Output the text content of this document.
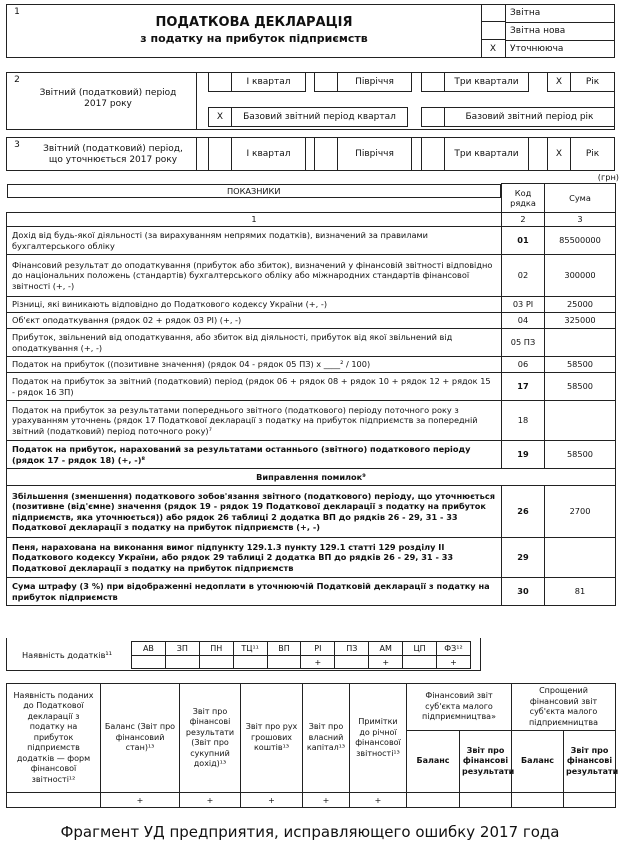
1
ПОДАТКОВА ДЕКЛАРАЦІЯ
з податку на прибуток підприємств
Звітна
Звітна нова
X	Уточнююча
2
Звітний (податковий) період 2017 року
І квартал	Півріччя	Три квартали	Х	Рік
Х	Базовий звітний період квартал	Базовий звітний період рік
3	Звітний (податковий) період, що уточнюється 2017 року
І квартал	Півріччя	Три квартали	Х	Рік
(грн)
ПОКАЗНИКИ	Код рядка	Сума
1	2	3
Дохід від будь-якої діяльності (за вирахуванням непрямих податків), визначений за правилами бухгалтерського обліку	01	85500000
Фінансовий результат до оподаткування (прибуток або збиток), визначений у фінансовій звітності відповідно до національних положень (стандартів) бухгалтерського обліку або міжнародних стандартів фінансової звітності (+, -)	02	300000
Різниці, які виникають відповідно до Податкового кодексу України (+, -)	03 РІ	25000
Об'єкт оподаткування (рядок 02 + рядок 03 РІ) (+, -)	04	325000
Прибуток, звільнений від оподаткування, або збиток від діяльності, прибуток від якої звільнений від оподаткування (+, -)	05 ПЗ	
Податок на прибуток ((позитивне значення) (рядок 04 - рядок 05 ПЗ) х ____² / 100)	06	58500
Податок на прибуток за звітний (податковий) період (рядок 06 + рядок 08 + рядок 10 + рядок 12 + рядок 15 - рядок 16 ЗП)	17	58500
Податок на прибуток за результатами попереднього звітного (податкового) періоду поточного року з урахуванням уточнень (рядок 17 Податкової декларації з податку на прибуток підприємств за попередній звітний (податковий) період поточного року)⁷	18	
Податок на прибуток, нарахований за результатами останнього (звітного) податкового періоду (рядок 17 - рядок 18) (+, -)⁸	19	58500
Виправлення помилок⁹		
Збільшення (зменшення) податкового зобов'язання звітного (податкового) періоду, що уточнюється (позитивне (від'ємне) значення (рядок 19 - рядок 19 Податкової декларації з податку на прибуток підприємств, яка уточнюється)) або рядок 26 таблиці 2 додатка ВП до рядків 26 - 29, 31 - 33 Податкової декларації з податку на прибуток підприємств (+, -)	26	2700
Пеня, нарахована на виконання вимог підпункту 129.1.3 пункту 129.1 статті 129 розділу II Податкового кодексу України, або рядок 29 таблиці 2 додатка ВП до рядків 26 - 29, 31 - 33 Податкової декларації з податку на прибуток підприємств	29	
Сума штрафу (3 %) при відображенні недоплати в уточнюючій Податковій декларації з податку на прибуток підприємств	30	81
Наявність додатків¹¹
АВ	ЗП	ПН	ТЦ¹¹	ВП	РІ	ПЗ	АМ	ЦП	ФЗ¹²
					+		+		+
Наявність поданих до Податкової декларації з податку на прибуток підприємств додатків — форм фінансової звітності¹²	Баланс (Звіт про фінансовий стан)¹³	Звіт про фінансові результати (Звіт про сукупний дохід)¹³	Звіт про рух грошових коштів¹³	Звіт про власний капітал¹³	Примітки до річної фінансової звітності¹³	Фінансовий звіт суб'єкта малого підприємництва»		Спрощений фінансовий звіт суб'єкта малого підприємництва	
						Баланс	Звіт про фінансові результати	Баланс	Звіт про фінансові результати
	+	+	+	+	+				
Фрагмент УД предприятия, исправляющего ошибку 2017 года
